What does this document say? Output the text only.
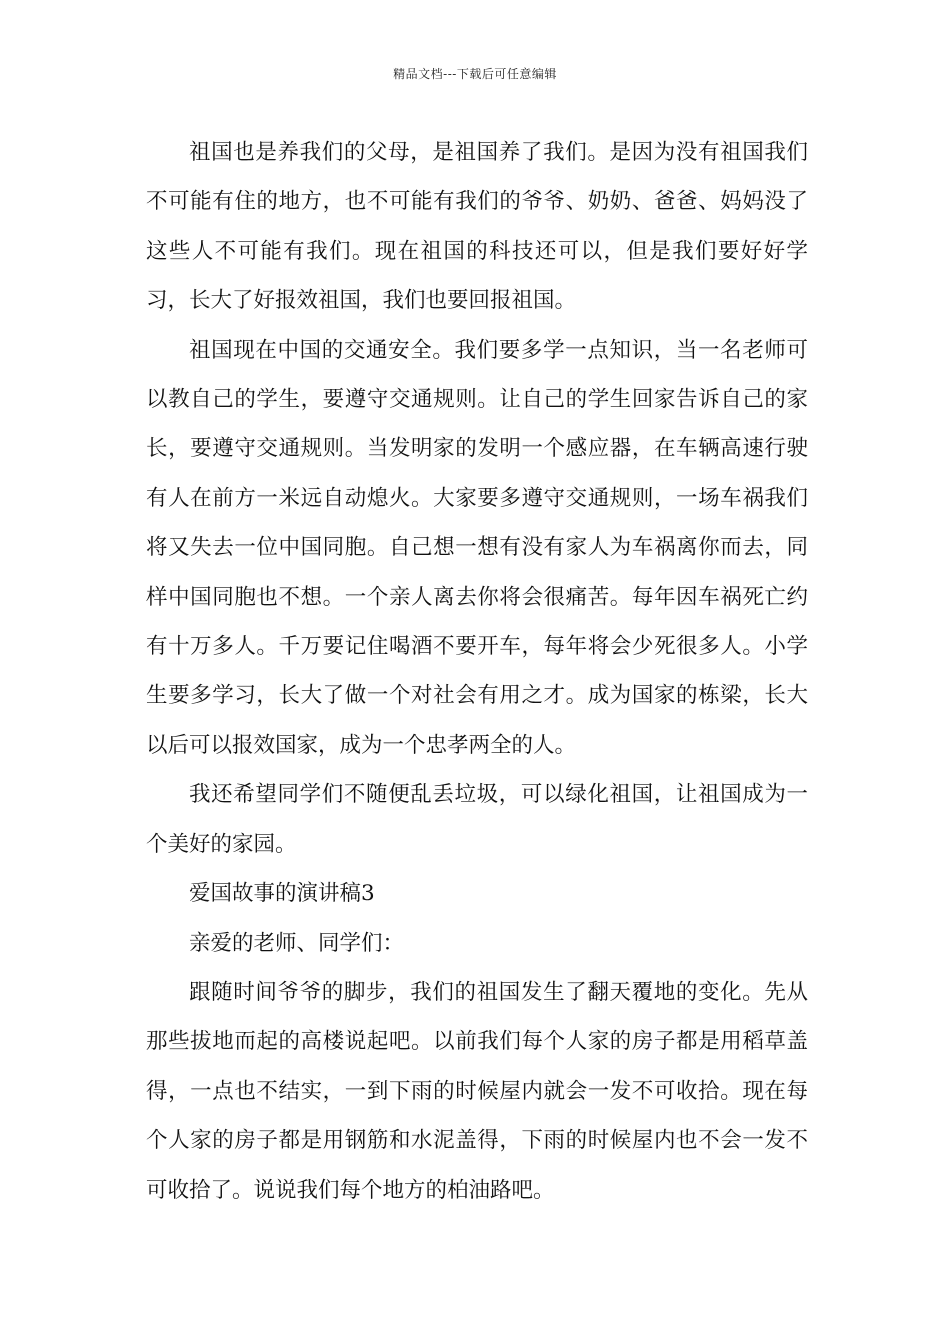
精品文档---下载后可任意编辑

祖国也是养我们的父母，是祖国养了我们。是因为没有祖国我们不可能有住的地方，也不可能有我们的爷爷、奶奶、爸爸、妈妈没了这些人不可能有我们。现在祖国的科技还可以，但是我们要好好学习，长大了好报效祖国，我们也要回报祖国。

祖国现在中国的交通安全。我们要多学一点知识，当一名老师可以教自己的学生，要遵守交通规则。让自己的学生回家告诉自己的家长，要遵守交通规则。当发明家的发明一个感应器，在车辆高速行驶有人在前方一米远自动熄火。大家要多遵守交通规则，一场车祸我们将又失去一位中国同胞。自己想一想有没有家人为车祸离你而去，同样中国同胞也不想。一个亲人离去你将会很痛苦。每年因车祸死亡约有十万多人。千万要记住喝酒不要开车，每年将会少死很多人。小学生要多学习，长大了做一个对社会有用之才。成为国家的栋梁，长大以后可以报效国家，成为一个忠孝两全的人。

我还希望同学们不随便乱丢垃圾，可以绿化祖国，让祖国成为一个美好的家园。

爱国故事的演讲稿3

亲爱的老师、同学们：

跟随时间爷爷的脚步，我们的祖国发生了翻天覆地的变化。先从那些拔地而起的高楼说起吧。以前我们每个人家的房子都是用稻草盖得，一点也不结实，一到下雨的时候屋内就会一发不可收拾。现在每个人家的房子都是用钢筋和水泥盖得，下雨的时候屋内也不会一发不可收拾了。说说我们每个地方的柏油路吧。
